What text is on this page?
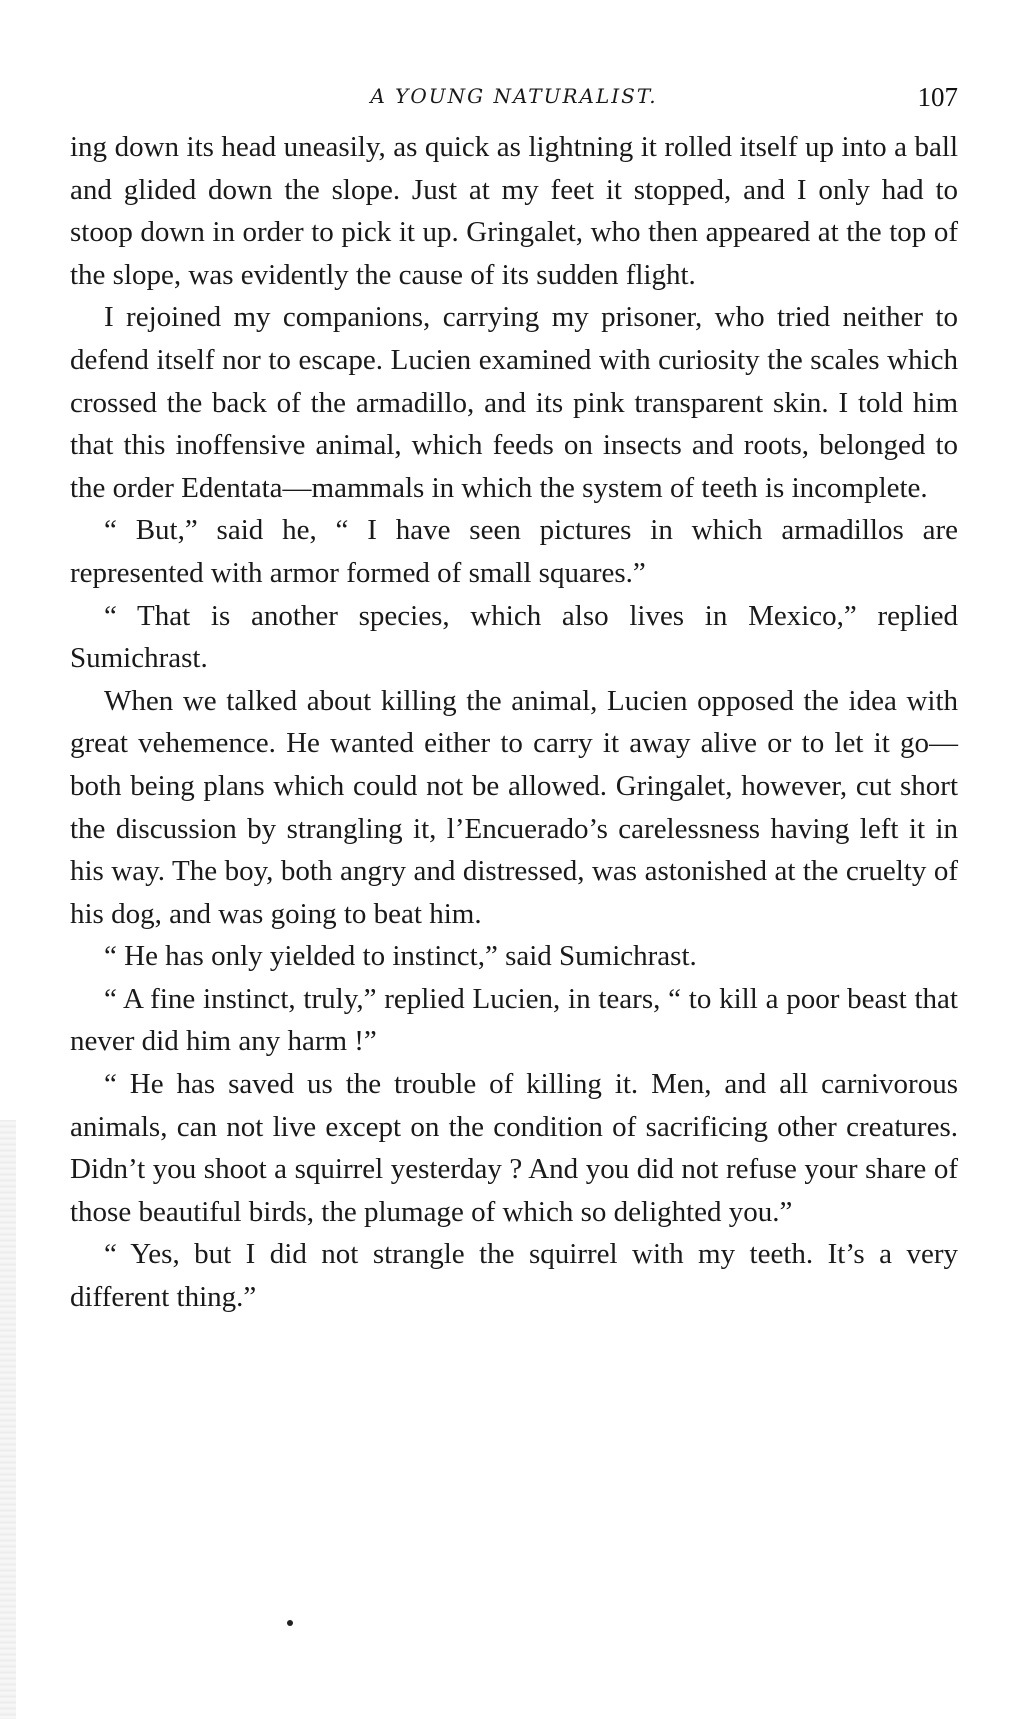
A YOUNG NATURALIST.	107

ing down its head uneasily, as quick as lightning it rolled itself up into a ball and glided down the slope. Just at my feet it stopped, and I only had to stoop down in order to pick it up. Gringalet, who then appeared at the top of the slope, was evidently the cause of its sudden flight.

I rejoined my companions, carrying my prisoner, who tried neither to defend itself nor to escape. Lucien examined with curiosity the scales which crossed the back of the armadillo, and its pink transparent skin. I told him that this inoffensive animal, which feeds on insects and roots, belonged to the order Edentata—mammals in which the system of teeth is incomplete.

“ But,” said he, “ I have seen pictures in which armadillos are represented with armor formed of small squares.”

“ That is another species, which also lives in Mexico,” replied Sumichrast.

When we talked about killing the animal, Lucien opposed the idea with great vehemence. He wanted either to carry it away alive or to let it go—both being plans which could not be allowed. Gringalet, however, cut short the discussion by strangling it, l’Encuerado’s carelessness having left it in his way. The boy, both angry and distressed, was astonished at the cruelty of his dog, and was going to beat him.

“ He has only yielded to instinct,” said Sumichrast.

“ A fine instinct, truly,” replied Lucien, in tears, “ to kill a poor beast that never did him any harm !”

“ He has saved us the trouble of killing it. Men, and all carnivorous animals, can not live except on the condition of sacrificing other creatures. Didn’t you shoot a squirrel yesterday ? And you did not refuse your share of those beautiful birds, the plumage of which so delighted you.”

“ Yes, but I did not strangle the squirrel with my teeth. It’s a very different thing.”
